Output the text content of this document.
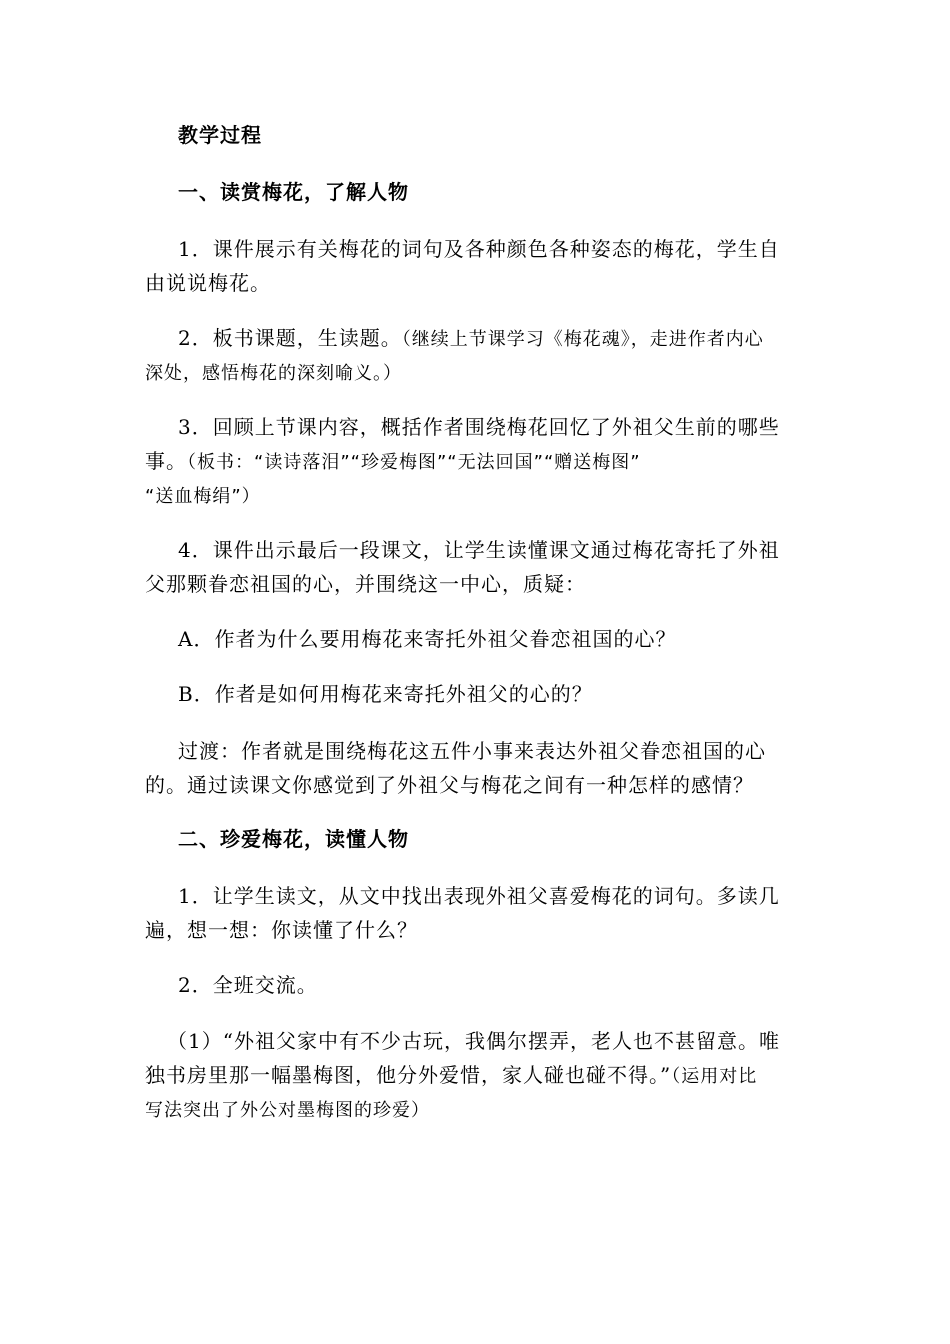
教学过程

一、读赏梅花，了解人物

1．课件展示有关梅花的词句及各种颜色各种姿态的梅花，学生自
由说说梅花。
2．板书课题，生读题。（继续上节课学习《梅花魂》，走进作者内心
深处，感悟梅花的深刻喻义。）
3．回顾上节课内容，概括作者围绕梅花回忆了外祖父生前的哪些
事。（板书：“读诗落泪”“珍爱梅图”“无法回国”“赠送梅图”
“送血梅绢”）
4．课件出示最后一段课文，让学生读懂课文通过梅花寄托了外祖
父那颗眷恋祖国的心，并围绕这一中心，质疑：

A．作者为什么要用梅花来寄托外祖父眷恋祖国的心？

B．作者是如何用梅花来寄托外祖父的心的？

过渡：作者就是围绕梅花这五件小事来表达外祖父眷恋祖国的心
的。通过读课文你感觉到了外祖父与梅花之间有一种怎样的感情？

二、珍爱梅花，读懂人物

1．让学生读文，从文中找出表现外祖父喜爱梅花的词句。多读几
遍，想一想：你读懂了什么？

2．全班交流。

（1）“外祖父家中有不少古玩，我偶尔摆弄，老人也不甚留意。唯
独书房里那一幅墨梅图，他分外爱惜，家人碰也碰不得。”（运用对比
写法突出了外公对墨梅图的珍爱）
